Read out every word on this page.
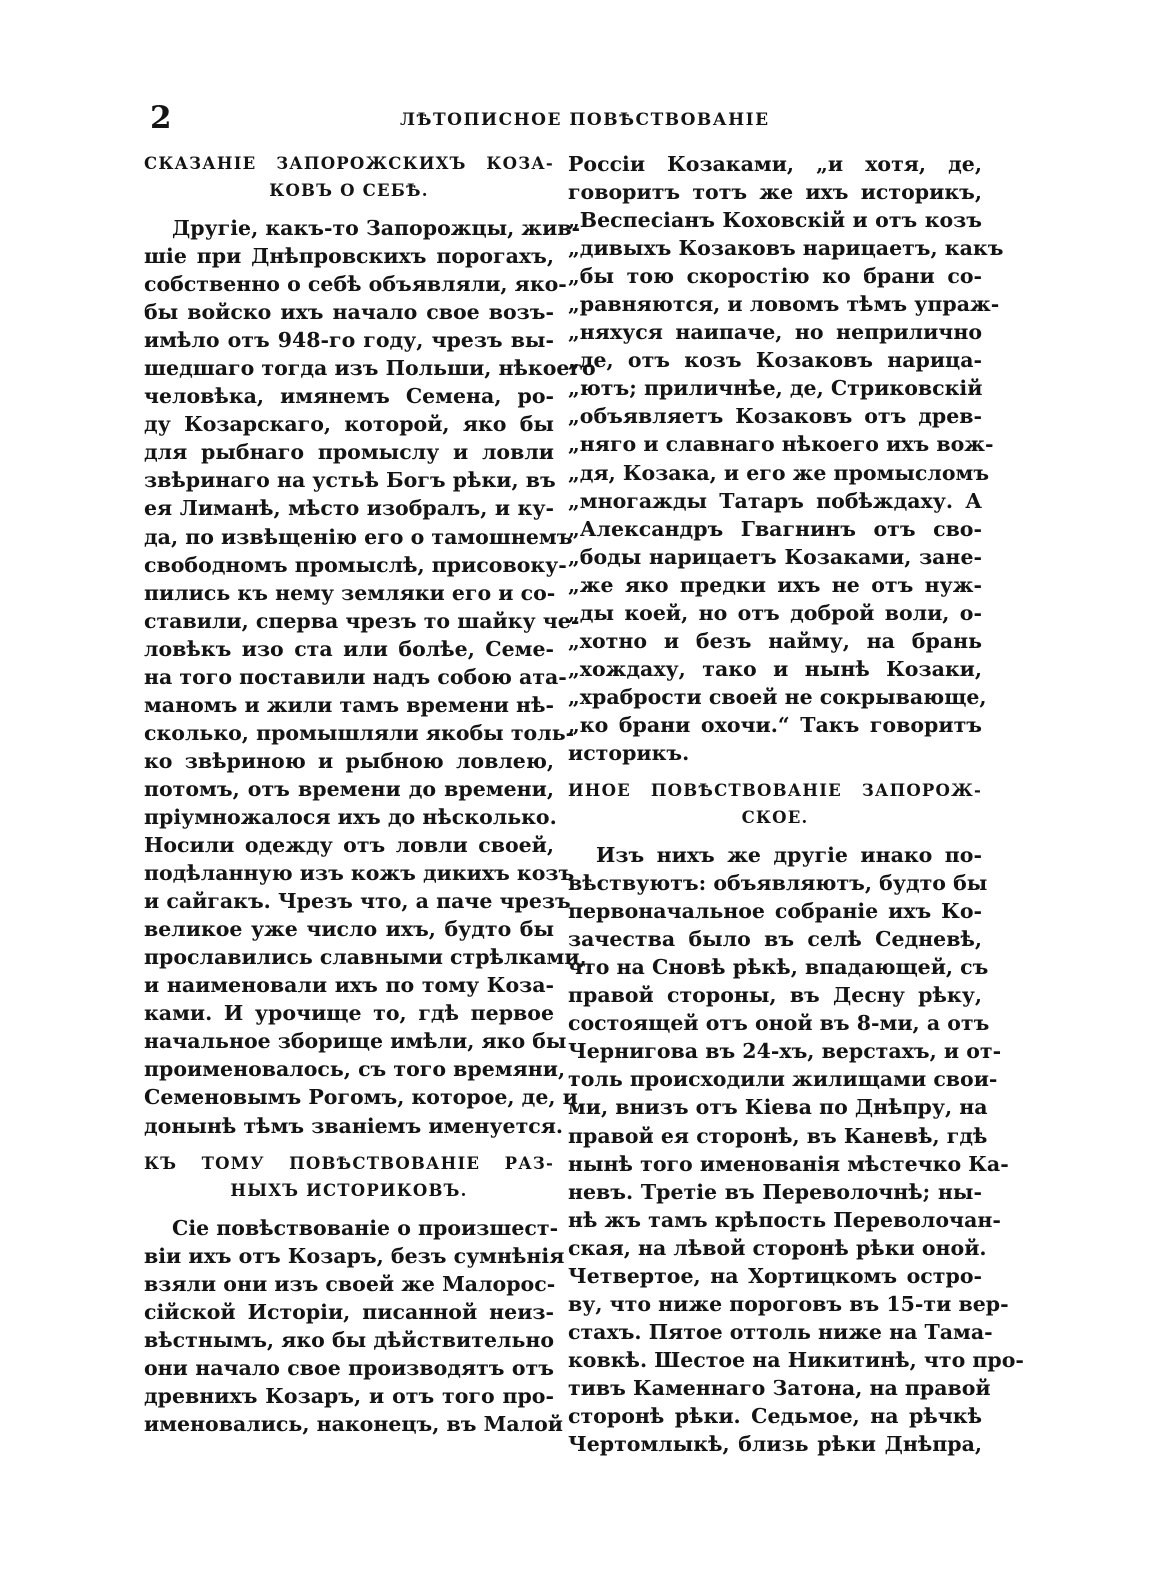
2	ЛѢТОПИСНОЕ ПОВѢСТВОВАНІЕ
СКАЗАНІЕ ЗАПОРОЖСКИХЪ КОЗА-
КОВЪ О СЕБѢ.
Другіе, какъ-то Запорожцы, жив-
шіе при Днѣпровскихъ порогахъ,
собственно о себѣ объявляли, яко-
бы войско ихъ начало свое возъ-
имѣло отъ 948-го году, чрезъ вы-
шедшаго тогда изъ Польши, нѣкоего
человѣка, имянемъ Семена, ро-
ду Козарскаго, которой, яко бы
для рыбнаго промыслу и ловли
звѣринаго на устьѣ Богъ рѣки, въ
ея Лиманѣ, мѣсто изобралъ, и ку-
да, по извѣщенію его о тамошнемъ
свободномъ промыслѣ, присовоку-
пились къ нему земляки его и со-
ставили, сперва чрезъ то шайку че-
ловѣкъ изо ста или болѣе, Семе-
на того поставили надъ собою ата-
маномъ и жили тамъ времени нѣ-
сколько, промышляли якобы толь-
ко звѣриною и рыбною ловлею,
потомъ, отъ времени до времени,
пріумножалося ихъ до нѣсколько.
Носили одежду отъ ловли своей,
подѣланную изъ кожъ дикихъ козъ
и сайгакъ. Чрезъ что, а паче чрезъ
великое уже число ихъ, будто бы
прославились славными стрѣлками,
и наименовали ихъ по тому Коза-
ками. И урочище то, гдѣ первое
начальное зборище имѣли, яко бы
проименовалось, съ того времяни,
Семеновымъ Рогомъ, которое, де, и
донынѣ тѣмъ званіемъ именуется.
КЪ ТОМУ ПОВѢСТВОВАНІЕ РАЗ-
НЫХЪ ИСТОРИКОВЪ.
Сіе повѣствованіе о произшест-
віи ихъ отъ Козаръ, безъ сумнѣнія
взяли они изъ своей же Малорос-
сійской Исторіи, писанной неиз-
вѣстнымъ, яко бы дѣйствительно
они начало свое производятъ отъ
древнихъ Козаръ, и отъ того про-
именовались, наконецъ, въ Малой
Россіи Козаками, „и хотя, де,
говоритъ тотъ же ихъ историкъ,
„Веспесіанъ Коховскій и отъ козъ
„дивыхъ Козаковъ нарицаетъ, какъ
„бы тою скоростію ко брани со-
„равняются, и ловомъ тѣмъ упраж-
„няхуся наипаче, но неприлично
„де, отъ козъ Козаковъ нарица-
„ютъ; приличнѣе, де, Стриковскій
„объявляетъ Козаковъ отъ древ-
„няго и славнаго нѣкоего ихъ вож-
„дя, Козака, и его же промысломъ
„многажды Татаръ побѣждаху. А
„Александръ Гвагнинъ отъ сво-
„боды нарицаетъ Козаками, зане-
„же яко предки ихъ не отъ нуж-
„ды коей, но отъ доброй воли, о-
„хотно и безъ найму, на брань
„хождаху, тако и нынѣ Козаки,
„храбрости своей не сокрывающе,
„ко брани охочи.“ Такъ говоритъ
историкъ.
ИНОЕ ПОВѢСТВОВАНІЕ ЗАПОРОЖ-
СКОЕ.
Изъ нихъ же другіе инако по-
вѣствуютъ: объявляютъ, будто бы
первоначальное собраніе ихъ Ко-
зачества было въ селѣ Седневѣ,
что на Сновѣ рѣкѣ, впадающей, съ
правой стороны, въ Десну рѣку,
состоящей отъ оной въ 8-ми, а отъ
Чернигова въ 24-хъ, верстахъ, и от-
толь происходили жилищами свои-
ми, внизъ отъ Кіева по Днѣпру, на
правой ея сторонѣ, въ Каневѣ, гдѣ
нынѣ того именованія мѣстечко Ка-
невъ. Третіе въ Переволочнѣ; ны-
нѣ жъ тамъ крѣпость Переволочан-
ская, на лѣвой сторонѣ рѣки оной.
Четвертое, на Хортицкомъ остро-
ву, что ниже пороговъ въ 15-ти вер-
стахъ. Пятое оттоль ниже на Тама-
ковкѣ. Шестое на Никитинѣ, что про-
тивъ Каменнаго Затона, на правой
сторонѣ рѣки. Седьмое, на рѣчкѣ
Чертомлыкѣ, близь рѣки Днѣпра,
